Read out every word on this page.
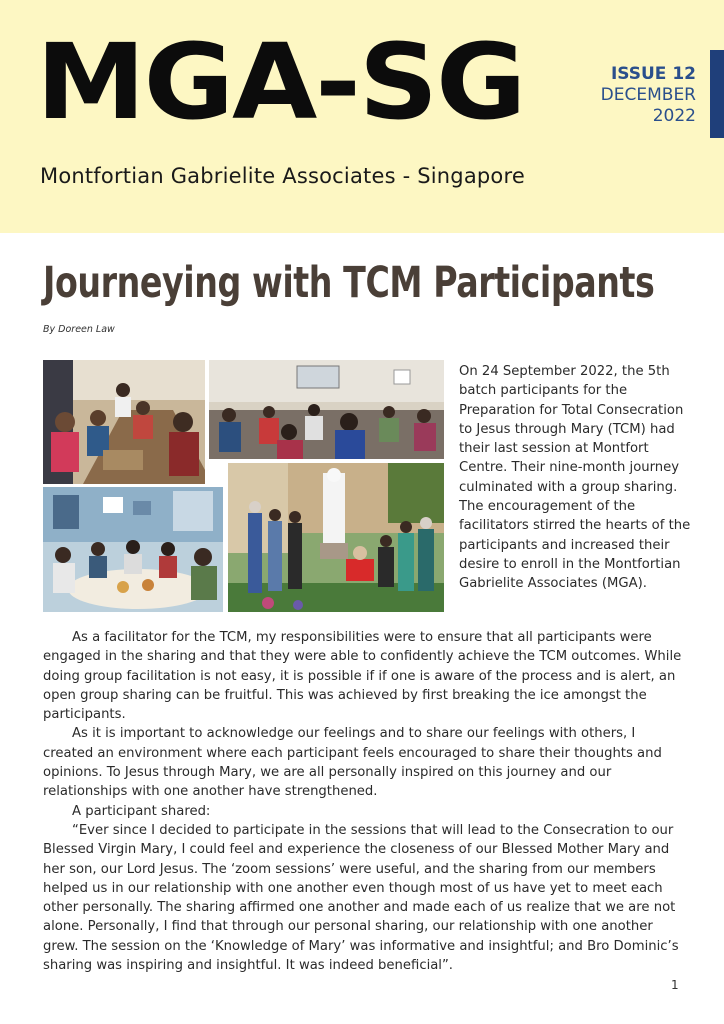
MGA-SG
Montfortian Gabrielite Associates - Singapore
ISSUE 12
DECEMBER
2022
Journeying with TCM Participants
By Doreen Law
On 24 September 2022, the 5th batch participants for the Preparation for Total Consecration to Jesus through Mary (TCM) had their last session at Montfort Centre. Their nine-month journey culminated with a group sharing. The encouragement of the facilitators stirred the hearts of the participants and increased their desire to enroll in the Montfortian Gabrielite Associates (MGA).

As a facilitator for the TCM, my responsibilities were to ensure that all participants were engaged in the sharing and that they were able to confidently achieve the TCM outcomes. While doing group facilitation is not easy, it is possible if if one is aware of the process and is alert, an open group sharing can be fruitful. This was achieved by first breaking the ice amongst the participants.

As it is important to acknowledge our feelings and to share our feelings with others, I created an environment where each participant feels encouraged to share their thoughts and opinions. To Jesus through Mary, we are all personally inspired on this journey and our relationships with one another have strengthened.

A participant shared:

“Ever since I decided to participate in the sessions that will lead to the Consecration to our Blessed Virgin Mary, I could feel and experience the closeness of our Blessed Mother Mary and her son, our Lord Jesus. The ‘zoom sessions’ were useful, and the sharing from our members helped us in our relationship with one another even though most of us have yet to meet each other personally. The sharing affirmed one another and made each of us realize that we are not alone. Personally, I find that through our personal sharing, our relationship with one another grew. The session on the ‘Knowledge of Mary’ was informative and insightful; and Bro Dominic’s sharing was inspiring and insightful. It was indeed beneficial”.

1
